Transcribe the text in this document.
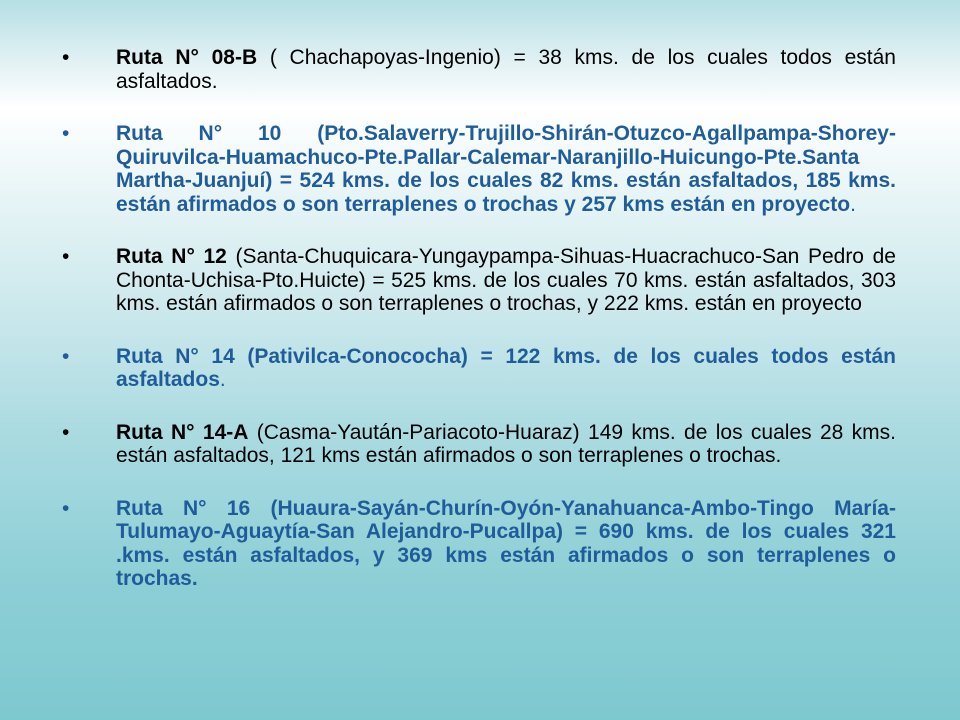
• Ruta N° 08-B ( Chachapoyas-Ingenio) = 38 kms. de los cuales todos están asfaltados.
• Ruta N° 10 (Pto.Salaverry-Trujillo-Shirán-Otuzco-Agallpampa-Shorey-Quiruvilca-Huamachuco-Pte.Pallar-Calemar-Naranjillo-Huicungo-Pte.Santa Martha-Juanjuí) = 524 kms. de los cuales 82 kms. están asfaltados, 185 kms. están afirmados o son terraplenes o trochas y 257 kms están en proyecto.
• Ruta N° 12 (Santa-Chuquicara-Yungaypampa-Sihuas-Huacrachuco-San Pedro de Chonta-Uchisa-Pto.Huicte) = 525 kms. de los cuales 70 kms. están asfaltados, 303 kms. están afirmados o son terraplenes o trochas, y 222 kms. están en proyecto
• Ruta N° 14 (Pativilca-Conococha) = 122 kms. de los cuales todos están asfaltados.
• Ruta N° 14-A (Casma-Yaután-Pariacoto-Huaraz) 149 kms. de los cuales 28 kms. están asfaltados, 121 kms están afirmados o son terraplenes o trochas.
• Ruta N° 16 (Huaura-Sayán-Churín-Oyón-Yanahuanca-Ambo-Tingo María-Tulumayo-Aguaytía-San Alejandro-Pucallpa) = 690 kms. de los cuales 321 .kms. están asfaltados, y 369 kms están afirmados o son terraplenes o trochas.
